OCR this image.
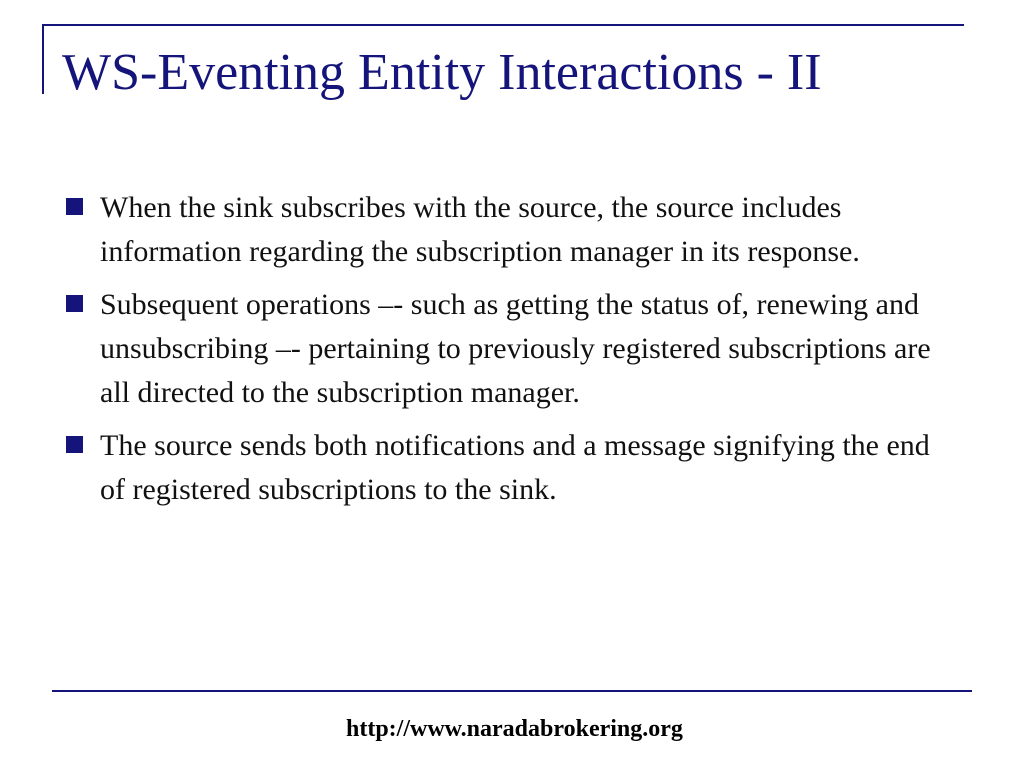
WS-Eventing Entity Interactions - II
When the sink subscribes with the source, the source includes information regarding the subscription manager in its response.
Subsequent operations –- such as getting the status of, renewing and unsubscribing –- pertaining to previously registered subscriptions are all directed to the subscription manager.
The source sends both notifications and a message signifying the end of registered subscriptions to the sink.
http://www.naradabrokering.org
